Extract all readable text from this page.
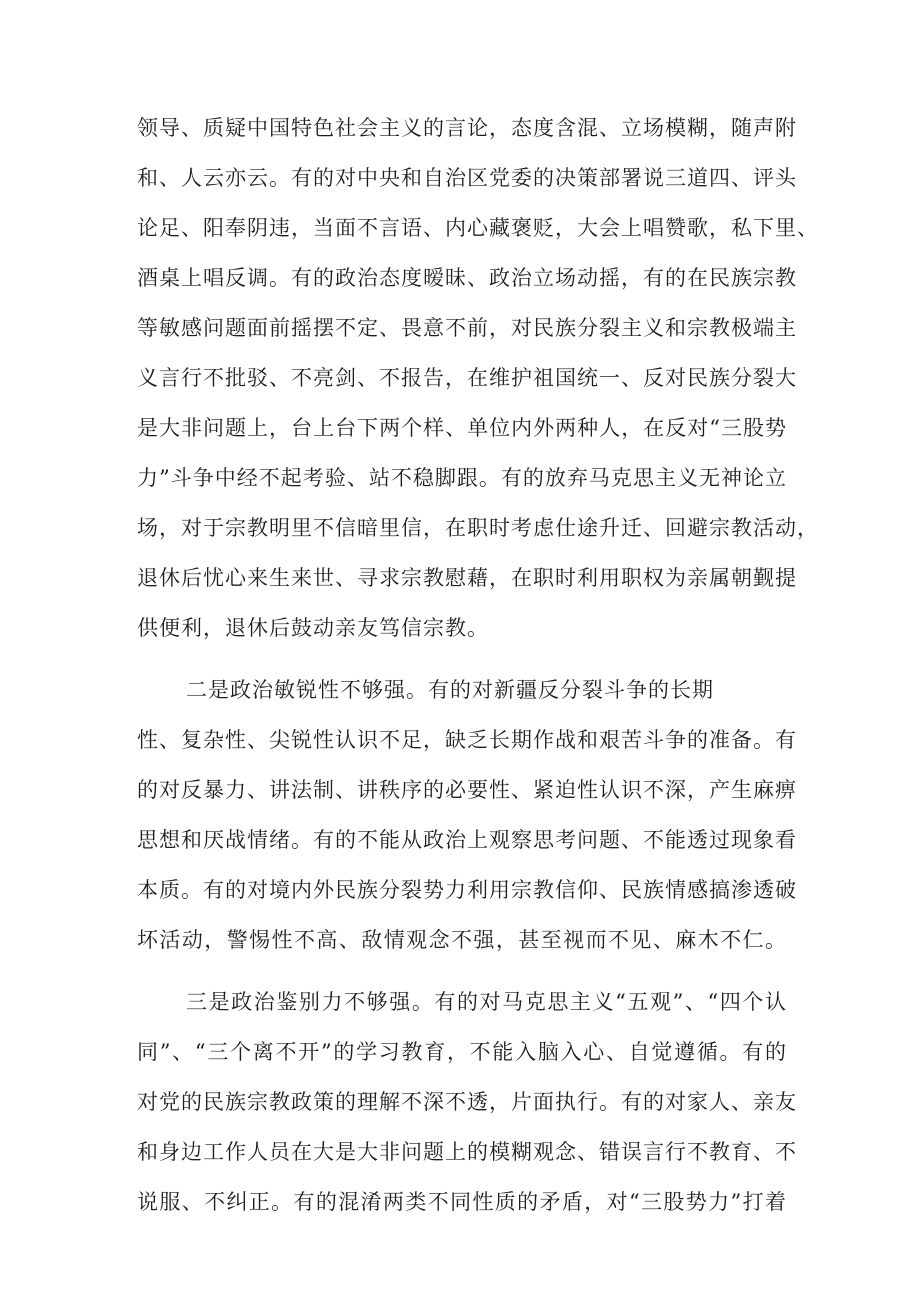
领导、质疑中国特色社会主义的言论，态度含混、立场模糊，随声附
和、人云亦云。有的对中央和自治区党委的决策部署说三道四、评头
论足、阳奉阴违，当面不言语、内心藏褒贬，大会上唱赞歌，私下里、
酒桌上唱反调。有的政治态度暧昧、政治立场动摇，有的在民族宗教
等敏感问题面前摇摆不定、畏意不前，对民族分裂主义和宗教极端主
义言行不批驳、不亮剑、不报告，在维护祖国统一、反对民族分裂大
是大非问题上，台上台下两个样、单位内外两种人，在反对“三股势
力”斗争中经不起考验、站不稳脚跟。有的放弃马克思主义无神论立
场，对于宗教明里不信暗里信，在职时考虑仕途升迁、回避宗教活动，
退休后忧心来生来世、寻求宗教慰藉，在职时利用职权为亲属朝觐提
供便利，退休后鼓动亲友笃信宗教。
二是政治敏锐性不够强。有的对新疆反分裂斗争的长期
性、复杂性、尖锐性认识不足，缺乏长期作战和艰苦斗争的准备。有
的对反暴力、讲法制、讲秩序的必要性、紧迫性认识不深，产生麻痹
思想和厌战情绪。有的不能从政治上观察思考问题、不能透过现象看
本质。有的对境内外民族分裂势力利用宗教信仰、民族情感搞渗透破
坏活动，警惕性不高、敌情观念不强，甚至视而不见、麻木不仁。
三是政治鉴别力不够强。有的对马克思主义“五观”、“四个认
同”、“三个离不开”的学习教育，不能入脑入心、自觉遵循。有的
对党的民族宗教政策的理解不深不透，片面执行。有的对家人、亲友
和身边工作人员在大是大非问题上的模糊观念、错误言行不教育、不
说服、不纠正。有的混淆两类不同性质的矛盾，对“三股势力”打着
